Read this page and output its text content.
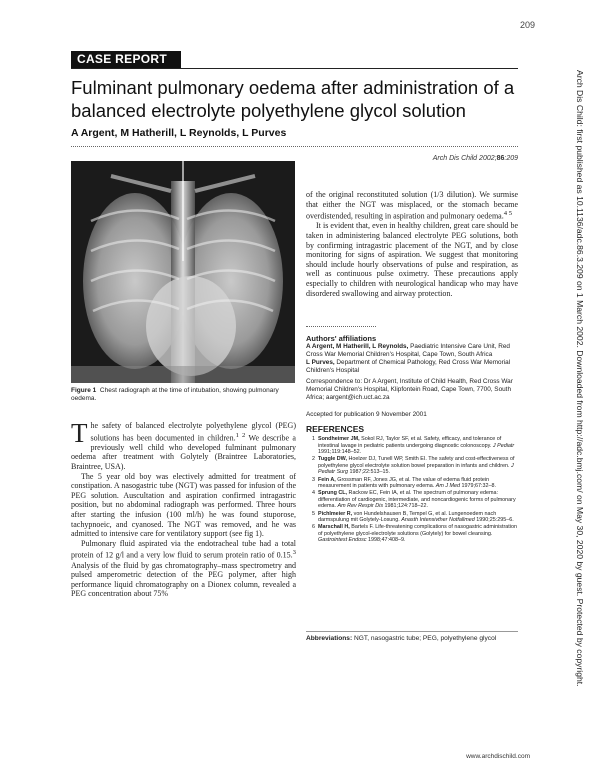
209
CASE REPORT
Fulminant pulmonary oedema after administration of a balanced electrolyte polyethylene glycol solution
A Argent, M Hatherill, L Reynolds, L Purves
Arch Dis Child 2002;86:209
Figure 1 Chest radiograph at the time of intubation, showing pulmonary oedema.

The safety of balanced electrolyte polyethylene glycol (PEG) solutions has been documented in children.$^{1 2}$ We describe a previously well child who developed fulminant pulmonary oedema after treatment with Golytely (Braintree Laboratories, Braintree, USA).

The 5 year old boy was electively admitted for treatment of constipation. A nasogastric tube (NGT) was passed for infusion of the PEG solution. Auscultation and aspiration confirmed intragastric position, but no abdominal radiograph was performed. Three hours after starting the infusion (100 ml/h) he was found stuporose, tachypnoeic, and cyanosed. The NGT was removed, and he was admitted to intensive care for ventilatory support (see fig 1).

Pulmonary fluid aspirated via the endotracheal tube had a total protein of 12 g/l and a very low fluid to serum protein ratio of 0.15.$^3$ Analysis of the fluid by gas chromatography–mass spectrometry and pulsed amperometric detection of the PEG polymer, after high performance liquid chromatography on a Dionex column, revealed a PEG concentration about 75%

of the original reconstituted solution (1/3 dilution). We surmise that either the NGT was misplaced, or the stomach became overdistended, resulting in aspiration and pulmonary oedema.$^{4 5}$

It is evident that, even in healthy children, great care should be taken in administering balanced electrolyte PEG solutions, both by confirming intragastric placement of the NGT, and by close monitoring for signs of aspiration. We suggest that monitoring should include hourly observations of pulse and respiration, as well as continuous pulse oximetry. These precautions apply especially to children with neurological handicap who may have disordered swallowing and airway protection.

Authors' affiliations
A Argent, M Hatherill, L Reynolds, Paediatric Intensive Care Unit, Red Cross War Memorial Children's Hospital, Cape Town, South Africa
L Purves, Department of Chemical Pathology, Red Cross War Memorial Children's Hospital
Correspondence to: Dr A Argent, Institute of Child Health, Red Cross War Memorial Children's Hospital, Klipfontein Road, Cape Town, 7700, South Africa; aargent@ich.uct.ac.za
Accepted for publication 9 November 2001
REFERENCES
1 Sondheimer JM, Sokol RJ, Taylor SF, et al. Safety, efficacy, and tolerance of intestinal lavage in pediatric patients undergoing diagnostic colonoscopy. J Pediatr 1991;119:148–52.
2 Tuggle DW, Hoelzer DJ, Tunell WP, Smith EI. The safety and cost-effectiveness of polyethylene glycol electrolyte solution bowel preparation in infants and children. J Pediatr Surg 1987;22:513–15.
3 Fein A, Grossman RF, Jones JG, et al. The value of edema fluid protein measurement in patients with pulmonary edema. Am J Med 1979;67:32–8.
4 Sprung CL, Rackow EC, Fein IA, et al. The spectrum of pulmonary edema: differentiation of cardiogenic, intermediate, and noncardiogenic forms of pulmonary edema. Am Rev Respir Dis 1981;124:718–22.
5 Pichlmeier R, von Hundelshausen B, Tempel G, et al. Lungenoedem nach darmspulung mit Golytely-Losung. Anasth Intensivther Notfallmed 1990;25:295–6.
6 Marschall H, Bartels F. Life-threatening complications of nasogastric administration of polyethylene glycol-electrolyte solutions (Golytely) for bowel cleansing. Gastrointest Endosc 1998;47:408–9.
Abbreviations: NGT, nasogastric tube; PEG, polyethylene glycol
www.archdischild.com
Arch Dis Child: first published as 10.1136/adc.86.3.209 on 1 March 2002. Downloaded from http://adc.bmj.com/ on May 30, 2020 by guest. Protected by copyright.
